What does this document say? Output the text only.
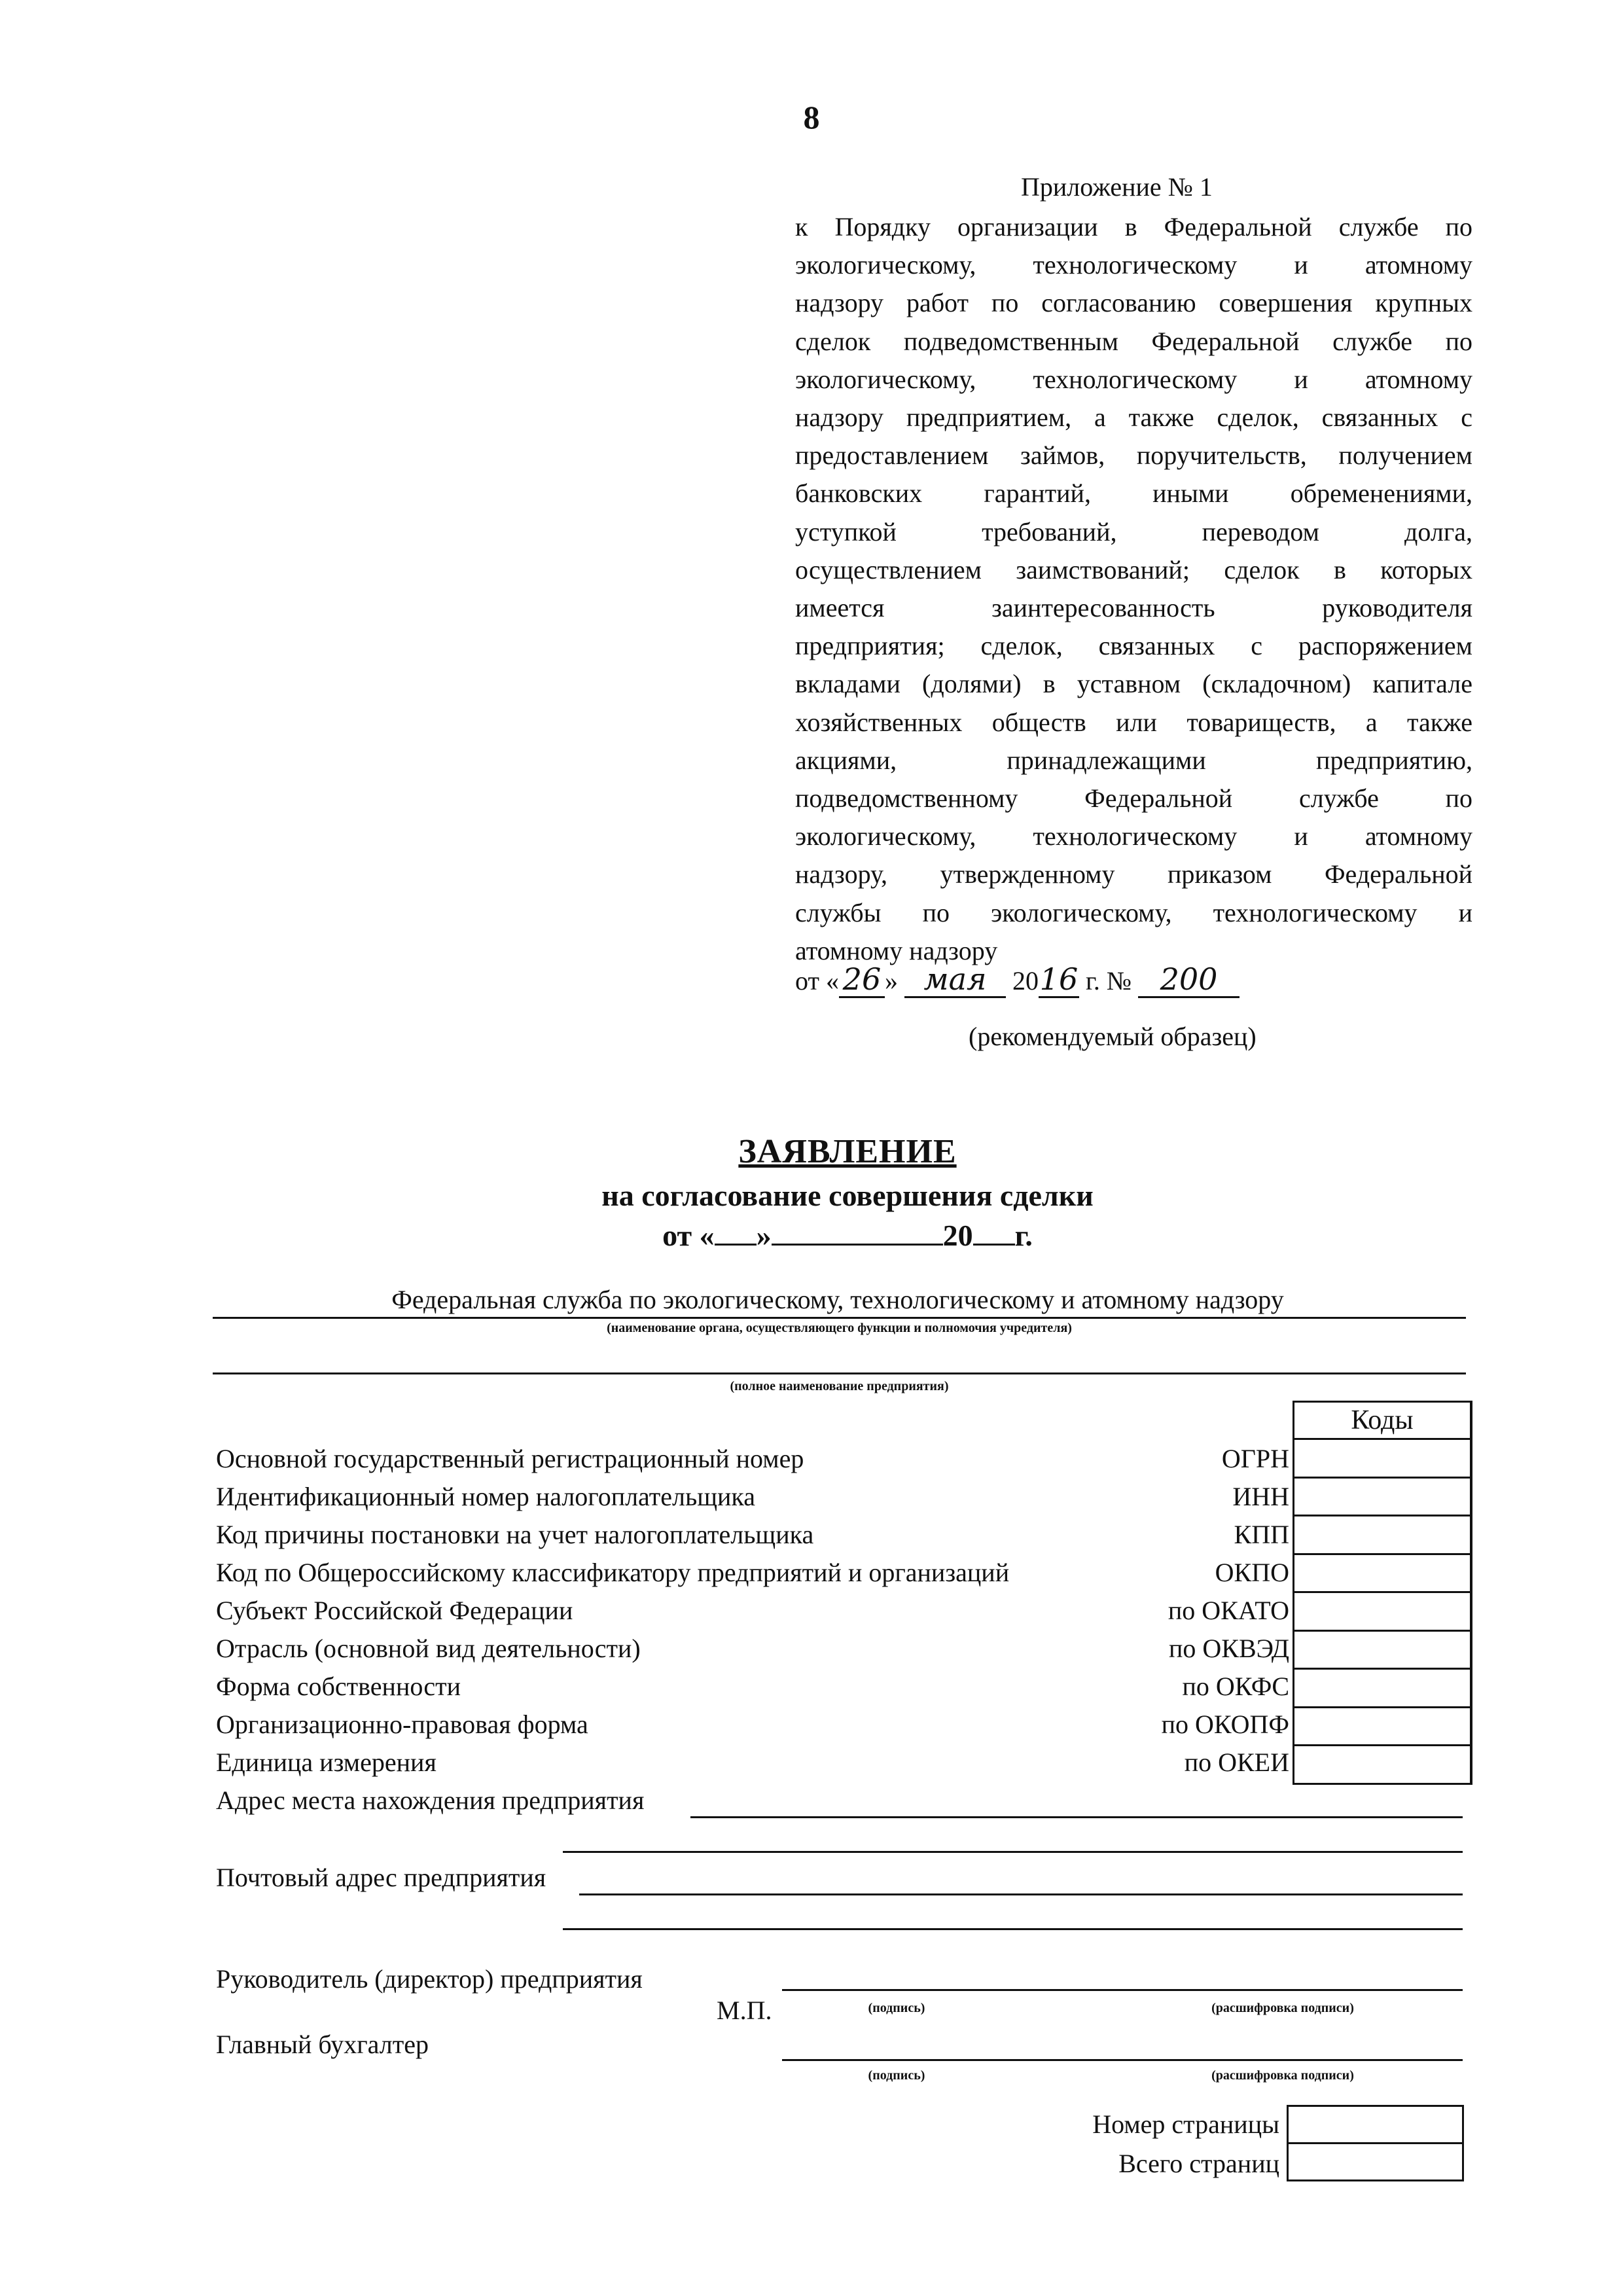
8
Приложение № 1
к Порядку организации в Федеральной службе по
экологическому, технологическому и атомному
надзору работ по согласованию совершения крупных
сделок подведомственным Федеральной службе по
экологическому, технологическому и атомному
надзору предприятием, а также сделок, связанных с
предоставлением займов, поручительств, получением
банковских гарантий, иными обременениями,
уступкой требований, переводом долга,
осуществлением заимствований; сделок в которых
имеется заинтересованность руководителя
предприятия; сделок, связанных с распоряжением
вкладами (долями) в уставном (складочном) капитале
хозяйственных обществ или товариществ, а также
акциями, принадлежащими предприятию,
подведомственному Федеральной службе по
экологическому, технологическому и атомному
надзору, утвержденному приказом Федеральной
службы по экологическому, технологическому и
атомному надзору
от « 26 » мая 2016 г. № 200
(рекомендуемый образец)
ЗАЯВЛЕНИЕ
на согласование совершения сделки
от « »	20 г.
Федеральная служба по экологическому, технологическому и атомному надзору
(наименование органа, осуществляющего функции и полномочия учредителя)
(полное наименование предприятия)
Коды
Основной государственный регистрационный номер	ОГРН
Идентификационный номер налогоплательщика	ИНН
Код причины постановки на учет налогоплательщика	КПП
Код по Общероссийскому классификатору предприятий и организаций	ОКПО
Субъект Российской Федерации	по ОКАТО
Отрасль (основной вид деятельности)	по ОКВЭД
Форма собственности	по ОКФС
Организационно-правовая форма	по ОКОПФ
Единица измерения	по ОКЕИ
Адрес места нахождения предприятия
Почтовый адрес предприятия
Руководитель (директор) предприятия
М.П.	(подпись)	(расшифровка подписи)
Главный бухгалтер
(подпись)	(расшифровка подписи)
Номер страницы
Всего страниц
